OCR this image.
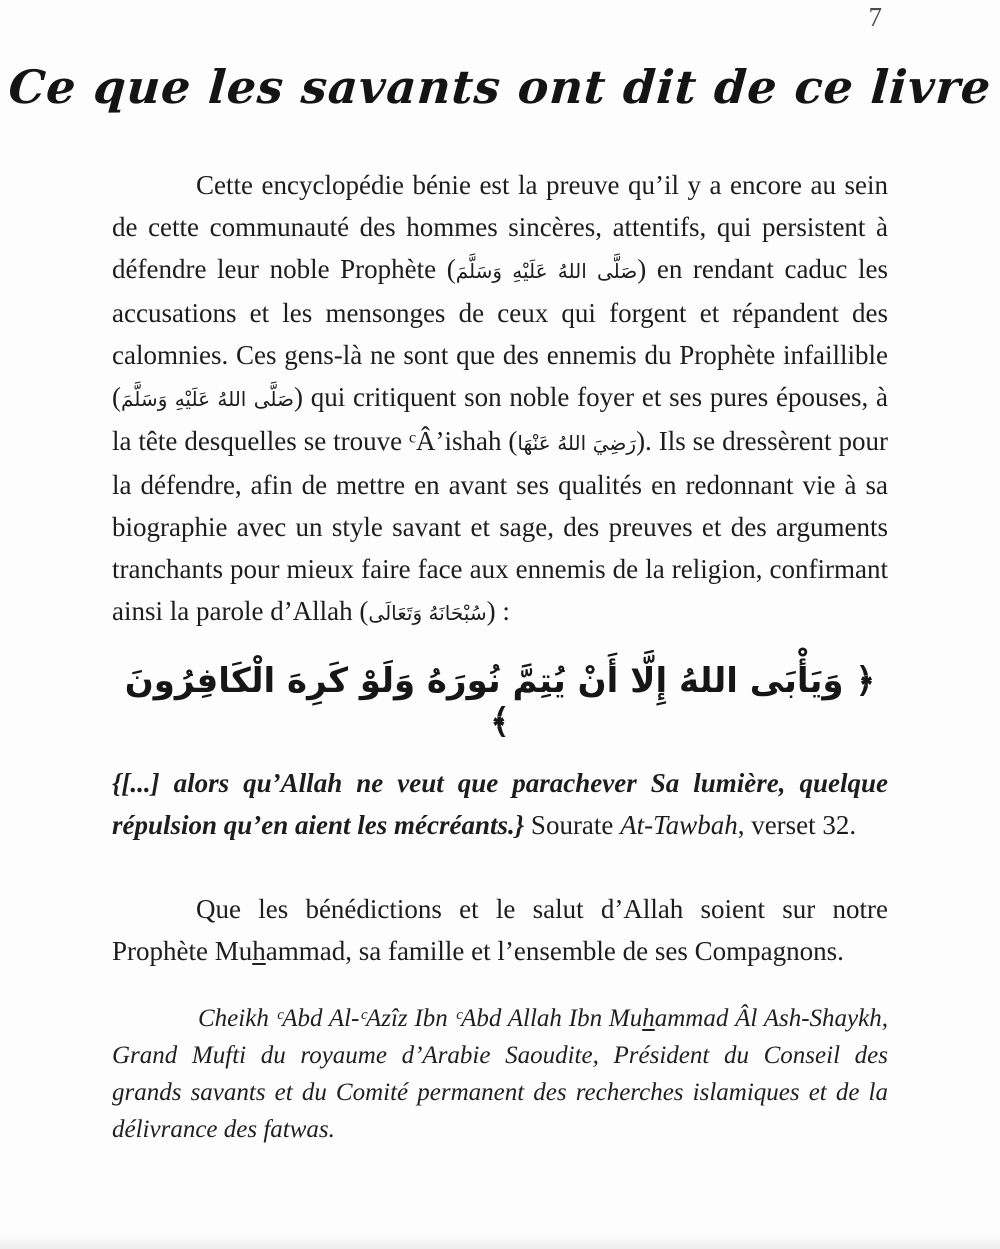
7
Ce que les savants ont dit de ce livre

Cette encyclopédie bénie est la preuve qu’il y a encore au sein de cette communauté des hommes sincères, attentifs, qui persistent à défendre leur noble Prophète (صَلَّى اللهُ عَلَيْهِ وَسَلَّمَ) en rendant caduc les accusations et les mensonges de ceux qui forgent et répandent des calomnies. Ces gens-là ne sont que des ennemis du Prophète infaillible (صَلَّى اللهُ عَلَيْهِ وَسَلَّمَ) qui critiquent son noble foyer et ses pures épouses, à la tête desquelles se trouve ᶜÂ’ishah (رَضِيَ اللهُ عَنْهَا). Ils se dressèrent pour la défendre, afin de mettre en avant ses qualités en redonnant vie à sa biographie avec un style savant et sage, des preuves et des arguments tranchants pour mieux faire face aux ennemis de la religion, confirmant ainsi la parole d’Allah (سُبْحَانَهُ وَتَعَالَى) :

﴿ وَيَأْبَى اللهُ إِلَّا أَنْ يُتِمَّ نُورَهُ وَلَوْ كَرِهَ الْكَافِرُونَ ﴾

{[...] alors qu’Allah ne veut que parachever Sa lumière, quelque répulsion qu’en aient les mécréants.} Sourate At-Tawbah, verset 32.

Que les bénédictions et le salut d’Allah soient sur notre Prophète Muhammad, sa famille et l’ensemble de ses Compagnons.

Cheikh ᶜAbd Al-ᶜAzîz Ibn ᶜAbd Allah Ibn Muhammad Âl Ash-Shaykh, Grand Mufti du royaume d’Arabie Saoudite, Président du Conseil des grands savants et du Comité permanent des recherches islamiques et de la délivrance des fatwas.
